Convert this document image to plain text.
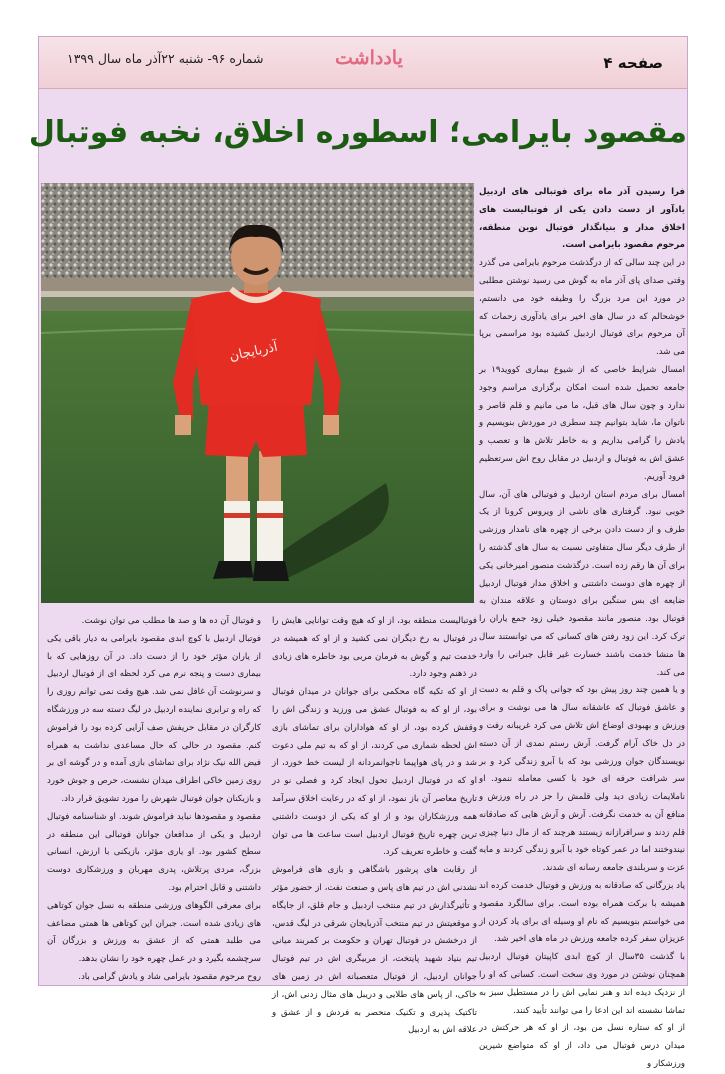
شماره ۹۶- شنبه ۲۲آذر ماه سال ۱۳۹۹	یادداشت	صفحه ۴
مقصود بایرامی؛ اسطوره اخلاق، نخبه فوتبال
آذربایجان

فرا رسیدن آذر ماه برای فوتبالی های اردبیل یادآور از دست دادن یکی از فوتبالیست های اخلاق مدار و بنیانگذار فوتبال نوین منطقه، مرحوم مقصود بایرامی است.

در این چند سالی که از درگذشت مرحوم بایرامی می گذرد وقتی صدای پای آذر ماه به گوش می رسید نوشتن مطلبی در مورد این مرد بزرگ را وظیفه خود می دانستم، خوشحالم که در سال های اخیر برای یادآوری زحمات که آن مرحوم برای فوتبال اردبیل کشیده بود مراسمی برپا می شد.

امسال شرایط خاصی که از شیوع بیماری کووید۱۹ بر جامعه تحمیل شده است امکان برگزاری مراسم وجود ندارد و چون سال های قبل، ما می مانیم و قلم قاصر و ناتوان ما، شاید بتوانیم چند سطری در موردش بنویسیم و یادش را گرامی بداریم و به خاطر تلاش ها و تعصب و عشق اش به فوتبال و اردبیل در مقابل روح اش سرتعظیم فرود آوریم.

امسال برای مردم استان اردبیل و فوتبالی های آن، سال خوبی نبود. گرفتاری های ناشی از ویروس کرونا از یک طرف و از دست دادن برخی از چهره های نامدار ورزشی از طرف دیگر سال متفاوتی نسبت به سال های گذشته را برای آن ها رقم زده است. درگذشت منصور امیرخانی یکی از چهره های دوست داشتنی و اخلاق مدار فوتبال اردبیل ضایعه ای بس سنگین برای دوستان و علاقه مندان به فوتبال بود. منصور مانند مقصود خیلی زود جمع یاران را ترک کرد. این زود رفتن های کسانی که می توانستند سال ها منشا خدمت باشند خسارت غیر قابل جبرانی را وارد می کند.

و یا همین چند روز پیش بود که جوانی پاک و قلم به دست و عاشق فوتبال که عاشقانه سال ها می نوشت و برای ورزش و بهبودی اوضاع اش تلاش می کرد غریبانه رفت و در دل خاک آرام گرفت. آرش رستم نمدی از آن دسته نویسندگان جوان ورزشی بود که با آبرو زندگی کرد و بر سر شرافت حرفه ای خود با کسی معامله ننمود. او ناملایمات زیادی دید ولی قلمش را جز در راه ورزش و منافع آن به خدمت نگرفت. آرش و آرش هایی که صادقانه قلم زدند و سرافرازانه زیستند هرچند که از مال دنیا چیزی نیندوختند اما در عمر کوتاه خود با آبرو زندگی کردند و مایه عزت و سربلندی جامعه رسانه ای شدند.

یاد بزرگانی که صادقانه به ورزش و فوتبال خدمت کرده اند همیشه با برکت همراه بوده است. برای سالگرد مقصود می خواستم بنویسیم که نام او وسیله ای برای یاد کردن از عزیزان سفر کرده جامعه ورزش در ماه های اخیر شد.

با گذشت ۳۵سال از کوچ ابدی کاپیتان فوتبال اردبیل همچنان نوشتن در مورد وی سخت است. کسانی که او را از نزدیک دیده اند و هنر نمایی اش را در مستطیل سبز به تماشا نشسته اند این ادعا را می توانند تأیید کنند.

از او که ستاره نسل من بود، از او که هر حرکتش در میدان درس فوتبال می داد، از او که متواضع شیرین ورزشکار و

فوتبالیست منطقه بود، از او که هیچ وقت توانایی هایش را در فوتبال به رخ دیگران نمی کشید و از او که همیشه در خدمت تیم و گوش به فرمان مربی بود خاطره های زیادی در ذهنم وجود دارد.

از او که تکیه گاه محکمی برای جوانان در میدان فوتبال بود، از او که به فوتبال عشق می ورزید و زندگی اش را وقفش کرده بود، از او که هواداران برای تماشای بازی اش لحظه شماری می کردند، از او که به تیم ملی دعوت شد و در پای هواپیما ناجوانمردانه از لیست خط خورد، از او که در فوتبال اردبیل تحول ایجاد کرد و فصلی نو در تاریخ معاصر آن باز نمود، از او که در رعایت اخلاق سرآمد همه ورزشکاران بود و از او که یکی از دوست داشتنی ترین چهره تاریخ فوتبال اردبیل است ساعت ها می توان گفت و خاطره تعریف کرد.

از رقابت های پرشور باشگاهی و بازی های فراموش نشدنی اش در تیم های پاس و صنعت نفت، از حضور مؤثر و تأثیرگذارش در تیم منتخب اردبیل و جام قلق، از جایگاه و موقعیتش در تیم منتخب آذربایجان شرقی در لیگ قدس، از درخشش در فوتبال تهران و حکومت بر کمربند میانی تیم بنیاد شهید پایتخت، از مربیگری اش در تیم فوتبال جوانان اردبیل، از فوتبال متعصبانه اش در زمین های خاکی، از پاس های طلایی و دریبل های مثال زدنی اش، از تاکتیک پذیری و تکنیک منحصر به فردش و از عشق و علاقه اش به اردبیل

و فوتبال آن ده ها و صد ها مطلب می توان نوشت.

فوتبال اردبیل با کوچ ابدی مقصود بایرامی به دیار باقی یکی از یاران مؤثر خود را از دست داد. در آن روزهایی که با بیماری دست و پنجه نرم می کرد لحظه ای از فوتبال اردبیل و سرنوشت آن غافل نمی شد. هیچ وقت نمی توانم روزی را که راه و ترابری نماینده اردبیل در لیگ دسته سه در ورزشگاه کارگران در مقابل حریفش صف آرایی کرده بود را فراموش کنم. مقصود در حالی که حال مساعدی نداشت به همراه فیض الله نیک نژاد برای تماشای بازی آمده و در گوشه ای بر روی زمین خاکی اطراف میدان نشست، حرص و جوش خورد و بازیکنان جوان فوتبال شهرش را مورد تشویق قرار داد.

مقصود و مقصودها نباید فراموش شوند. او شناسنامه فوتبال اردبیل و یکی از مدافعان جوانان فوتبالی این منطقه در سطح کشور بود. او یاری مؤثر، بازیکنی با ارزش، انسانی بزرگ، مردی پرتلاش، پدری مهربان و ورزشکاری دوست داشتنی و قابل احترام بود.

برای معرفی الگوهای ورزشی منطقه به نسل جوان کوتاهی های زیادی شده است. جبران این کوتاهی ها همتی مضاعف می طلبد همتی که از عشق به ورزش و بزرگان آن سرچشمه بگیرد و در عمل چهره خود را نشان بدهد.

روح مرحوم مقصود بایرامی شاد و یادش گرامی باد.
